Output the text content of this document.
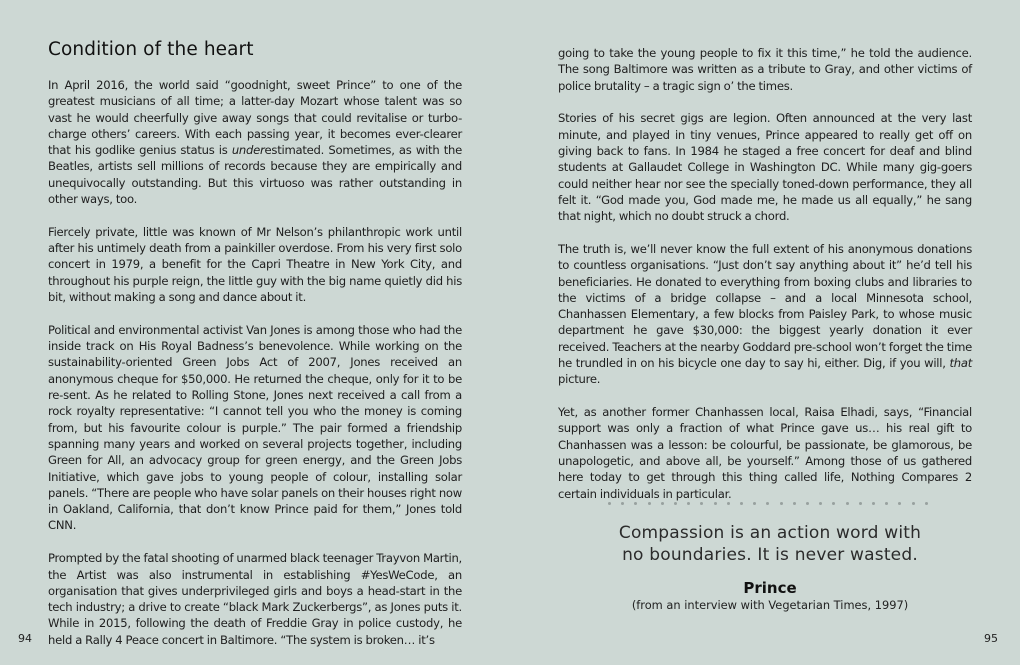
Condition of the heart

In April 2016, the world said “goodnight, sweet Prince” to one of the greatest musicians of all time; a latter-day Mozart whose talent was so vast he would cheerfully give away songs that could revitalise or turbo-charge others’ careers. With each passing year, it becomes ever-clearer that his godlike genius status is underestimated. Sometimes, as with the Beatles, artists sell millions of records because they are empirically and unequivocally outstanding. But this virtuoso was rather outstanding in other ways, too.

Fiercely private, little was known of Mr Nelson’s philanthropic work until after his untimely death from a painkiller overdose. From his very first solo concert in 1979, a benefit for the Capri Theatre in New York City, and throughout his purple reign, the little guy with the big name quietly did his bit, without making a song and dance about it.

Political and environmental activist Van Jones is among those who had the inside track on His Royal Badness’s benevolence. While working on the sustainability-oriented Green Jobs Act of 2007, Jones received an anonymous cheque for $50,000. He returned the cheque, only for it to be re-sent. As he related to Rolling Stone, Jones next received a call from a rock royalty representative: “I cannot tell you who the money is coming from, but his favourite colour is purple.” The pair formed a friendship spanning many years and worked on several projects together, including Green for All, an advocacy group for green energy, and the Green Jobs Initiative, which gave jobs to young people of colour, installing solar panels. “There are people who have solar panels on their houses right now in Oakland, California, that don’t know Prince paid for them,” Jones told CNN.

Prompted by the fatal shooting of unarmed black teenager Trayvon Martin, the Artist was also instrumental in establishing #YesWeCode, an organisation that gives underprivileged girls and boys a head-start in the tech industry; a drive to create “black Mark Zuckerbergs”, as Jones puts it. While in 2015, following the death of Freddie Gray in police custody, he held a Rally 4 Peace concert in Baltimore. “The system is broken… it’s

94

going to take the young people to fix it this time,” he told the audience. The song Baltimore was written as a tribute to Gray, and other victims of police brutality – a tragic sign o’ the times.

Stories of his secret gigs are legion. Often announced at the very last minute, and played in tiny venues, Prince appeared to really get off on giving back to fans. In 1984 he staged a free concert for deaf and blind students at Gallaudet College in Washington DC. While many gig-goers could neither hear nor see the specially toned-down performance, they all felt it. “God made you, God made me, he made us all equally,” he sang that night, which no doubt struck a chord.

The truth is, we’ll never know the full extent of his anonymous donations to countless organisations. “Just don’t say anything about it” he’d tell his beneficiaries. He donated to everything from boxing clubs and libraries to the victims of a bridge collapse – and a local Minnesota school, Chanhassen Elementary, a few blocks from Paisley Park, to whose music department he gave $30,000: the biggest yearly donation it ever received. Teachers at the nearby Goddard pre-school won’t forget the time he trundled in on his bicycle one day to say hi, either. Dig, if you will, that picture.

Yet, as another former Chanhassen local, Raisa Elhadi, says, “Financial support was only a fraction of what Prince gave us… his real gift to Chanhassen was a lesson: be colourful, be passionate, be glamorous, be unapologetic, and above all, be yourself.” Among those of us gathered here today to get through this thing called life, Nothing Compares 2 certain individuals in particular.

Compassion is an action word with
no boundaries. It is never wasted.
Prince
(from an interview with Vegetarian Times, 1997)
95
